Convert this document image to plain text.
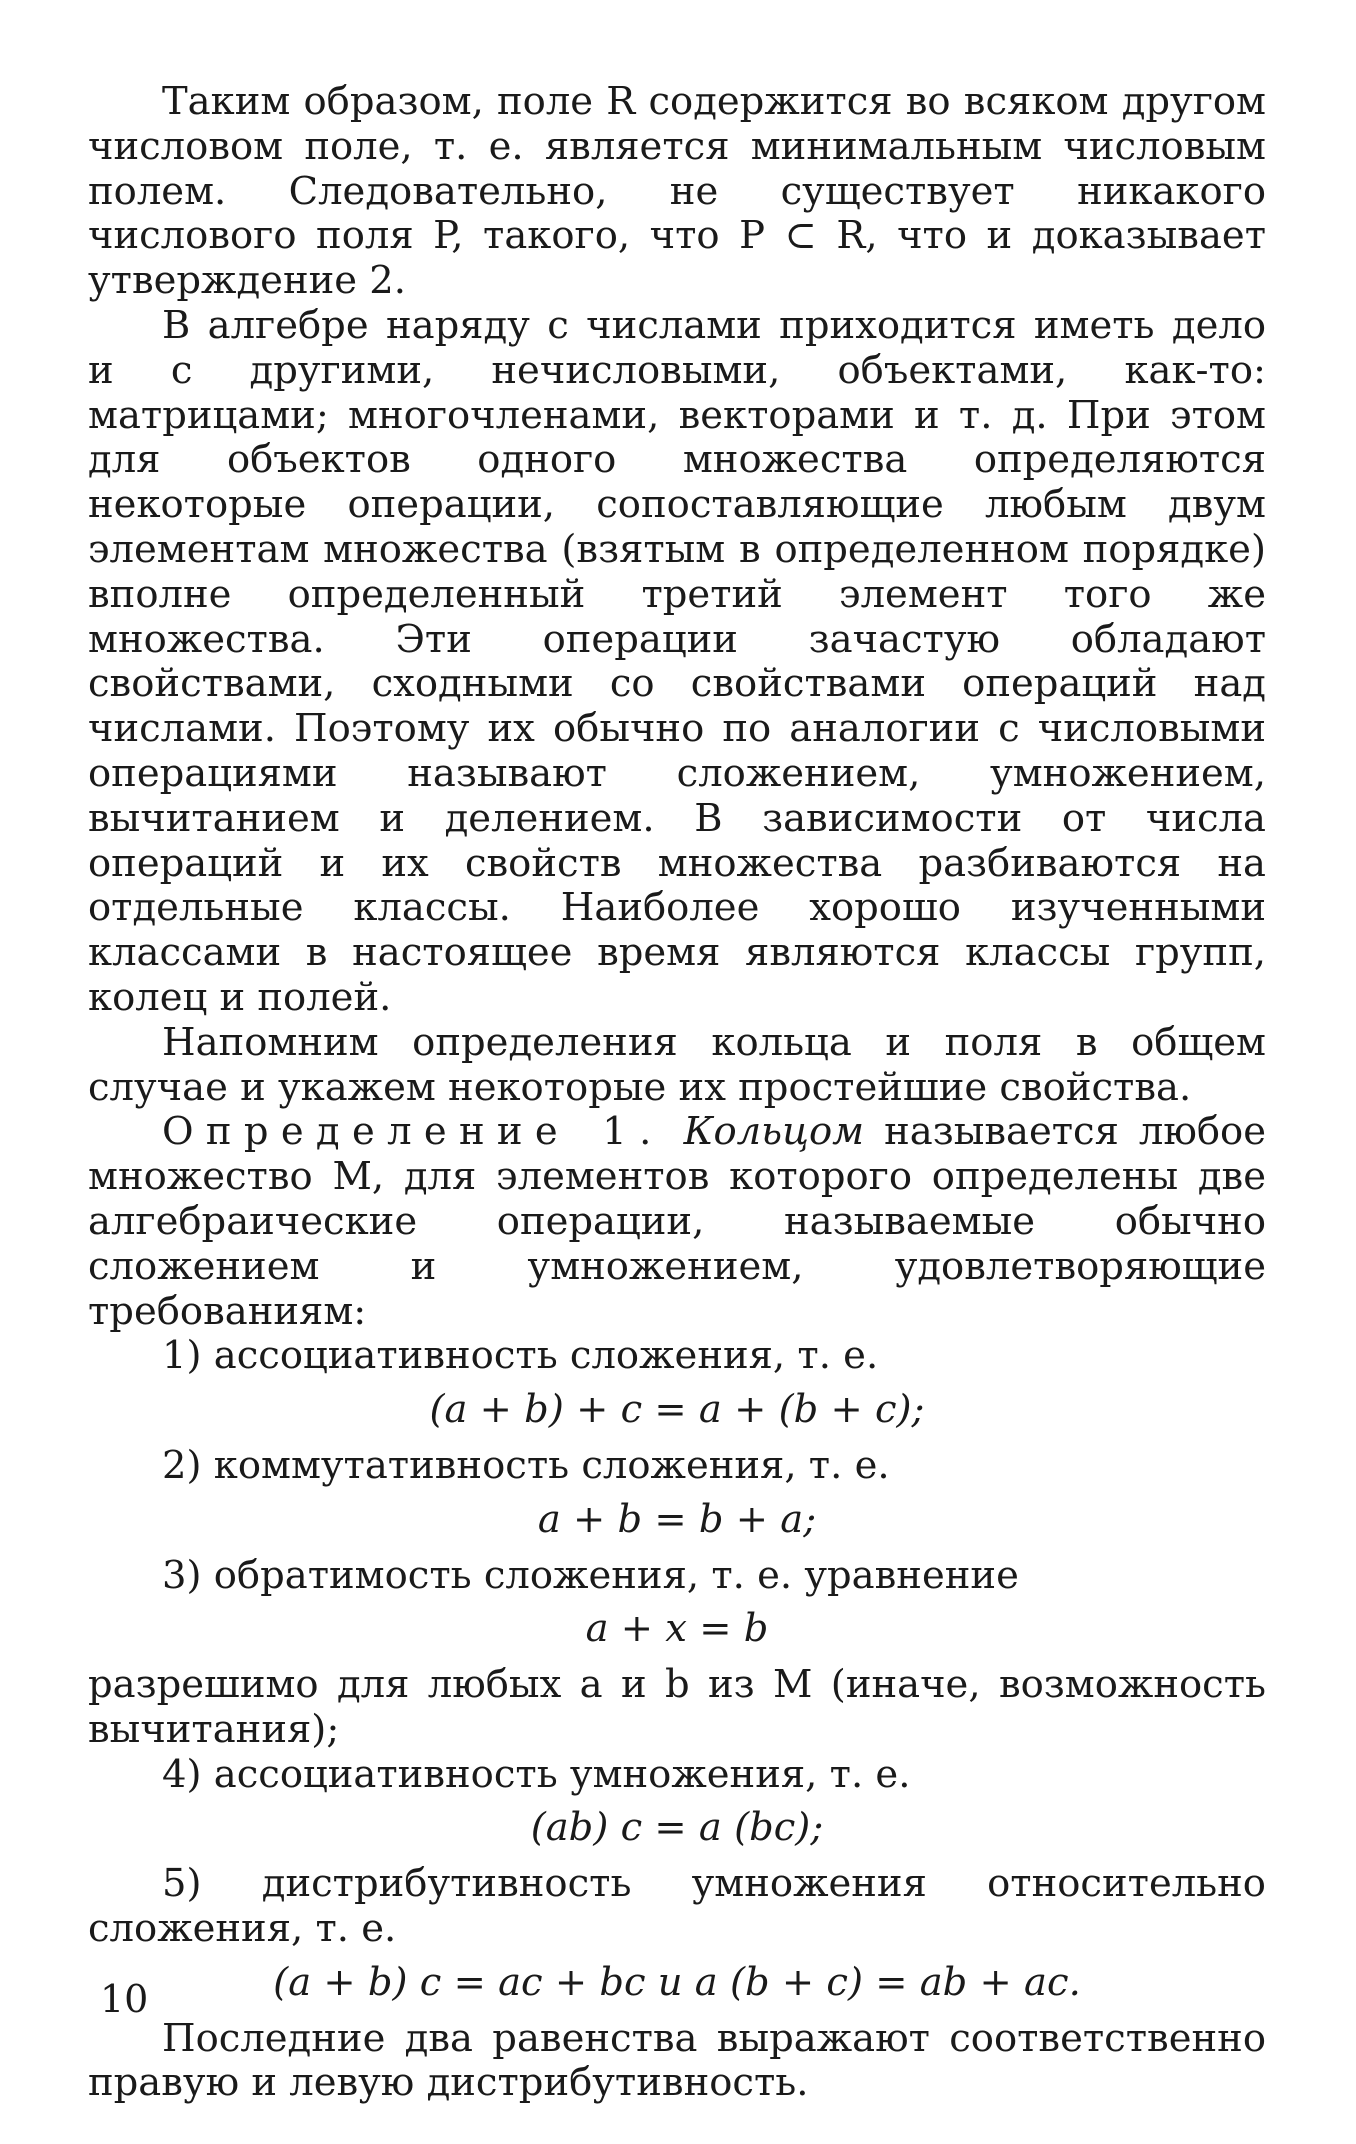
Таким образом, поле R содержится во всяком другом числовом поле, т. е. является минимальным числовым полем. Следовательно, не существует никакого числового поля P, такого, что P ⊂ R, что и доказывает утверждение 2.

В алгебре наряду с числами приходится иметь дело и с другими, нечисловыми, объектами, как-то: матрицами; многочленами, векторами и т. д. При этом для объектов одного множества определяются некоторые операции, сопоставляющие любым двум элементам множества (взятым в определенном порядке) вполне определенный третий элемент того же множества. Эти операции зачастую обладают свойствами, сходными со свойствами операций над числами. Поэтому их обычно по аналогии с числовыми операциями называют сложением, умножением, вычитанием и делением. В зависимости от числа операций и их свойств множества разбиваются на отдельные классы. Наиболее хорошо изученными классами в настоящее время являются классы групп, колец и полей.

Напомним определения кольца и поля в общем случае и укажем некоторые их простейшие свойства.

Определение 1. Кольцом называется любое множество M, для элементов которого определены две алгебраические операции, называемые обычно сложением и умножением, удовлетворяющие требованиям:

1) ассоциативность сложения, т. е.

(a + b) + c = a + (b + c);

2) коммутативность сложения, т. е.

a + b = b + a;

3) обратимость сложения, т. е. уравнение

a + x = b

разрешимо для любых a и b из M (иначе, возможность вычитания);

4) ассоциативность умножения, т. е.

(ab) c = a (bc);

5) дистрибутивность умножения относительно сложения, т. е.

(a + b) c = ac + bc и a (b + c) = ab + ac.

Последние два равенства выражают соответственно правую и левую дистрибутивность.

10
